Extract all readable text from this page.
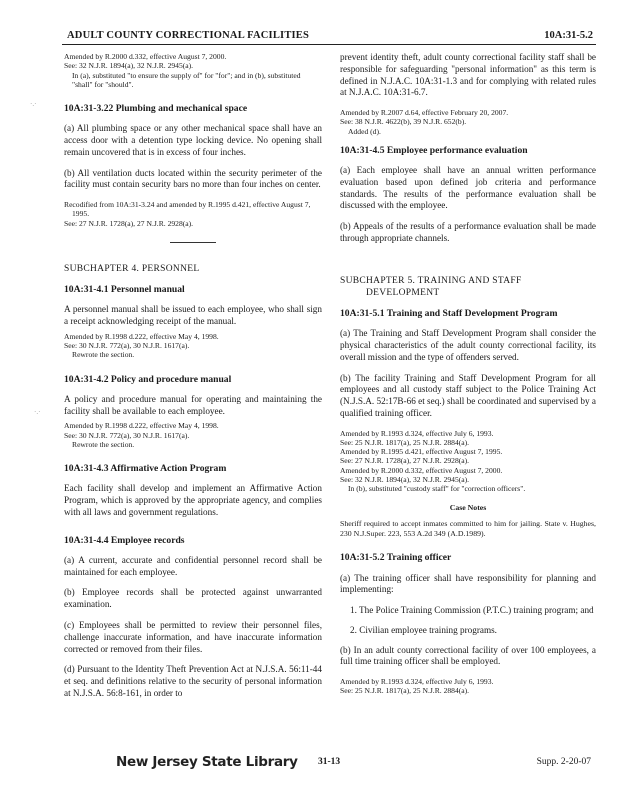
ADULT COUNTY CORRECTIONAL FACILITIES	10A:31-5.2
·.·
·.·
Amended by R.2000 d.332, effective August 7, 2000.
See: 32 N.J.R. 1894(a), 32 N.J.R. 2945(a).
In (a), substituted "to ensure the supply of" for "for"; and in (b), substituted "shall" for "should".
10A:31-3.22 Plumbing and mechanical space

(a) All plumbing space or any other mechanical space shall have an access door with a detention type locking device. No opening shall remain uncovered that is in excess of four inches.

(b) All ventilation ducts located within the security perimeter of the facility must contain security bars no more than four inches on center.

Recodified from 10A:31-3.24 and amended by R.1995 d.421, effective August 7, 1995.
See: 27 N.J.R. 1728(a), 27 N.J.R. 2928(a).
SUBCHAPTER 4. PERSONNEL
10A:31-4.1 Personnel manual

A personnel manual shall be issued to each employee, who shall sign a receipt acknowledging receipt of the manual.

Amended by R.1998 d.222, effective May 4, 1998.
See: 30 N.J.R. 772(a), 30 N.J.R. 1617(a).
Rewrote the section.
10A:31-4.2 Policy and procedure manual

A policy and procedure manual for operating and maintaining the facility shall be available to each employee.

Amended by R.1998 d.222, effective May 4, 1998.
See: 30 N.J.R. 772(a), 30 N.J.R. 1617(a).
Rewrote the section.
10A:31-4.3 Affirmative Action Program

Each facility shall develop and implement an Affirmative Action Program, which is approved by the appropriate agency, and complies with all laws and government regulations.

10A:31-4.4 Employee records

(a) A current, accurate and confidential personnel record shall be maintained for each employee.

(b) Employee records shall be protected against unwarranted examination.

(c) Employees shall be permitted to review their personnel files, challenge inaccurate information, and have inaccurate information corrected or removed from their files.

(d) Pursuant to the Identity Theft Prevention Act at N.J.S.A. 56:11-44 et seq. and definitions relative to the security of personal information at N.J.S.A. 56:8-161, in order to

prevent identity theft, adult county correctional facility staff shall be responsible for safeguarding "personal information" as this term is defined in N.J.A.C. 10A:31-1.3 and for complying with related rules at N.J.A.C. 10A:31-6.7.

Amended by R.2007 d.64, effective February 20, 2007.
See: 38 N.J.R. 4622(b), 39 N.J.R. 652(b).
Added (d).
10A:31-4.5 Employee performance evaluation

(a) Each employee shall have an annual written performance evaluation based upon defined job criteria and performance standards. The results of the performance evaluation shall be discussed with the employee.

(b) Appeals of the results of a performance evaluation shall be made through appropriate channels.

SUBCHAPTER 5. TRAINING AND STAFF
DEVELOPMENT
10A:31-5.1 Training and Staff Development Program

(a) The Training and Staff Development Program shall consider the physical characteristics of the adult county correctional facility, its overall mission and the type of offenders served.

(b) The facility Training and Staff Development Program for all employees and all custody staff subject to the Police Training Act (N.J.S.A. 52:17B-66 et seq.) shall be coordinated and supervised by a qualified training officer.

Amended by R.1993 d.324, effective July 6, 1993.
See: 25 N.J.R. 1817(a), 25 N.J.R. 2884(a).
Amended by R.1995 d.421, effective August 7, 1995.
See: 27 N.J.R. 1728(a), 27 N.J.R. 2928(a).
Amended by R.2000 d.332, effective August 7, 2000.
See: 32 N.J.R. 1894(a), 32 N.J.R. 2945(a).
In (b), substituted "custody staff" for "correction officers".
Case Notes

Sheriff required to accept inmates committed to him for jailing. State v. Hughes, 230 N.J.Super. 223, 553 A.2d 349 (A.D.1989).

10A:31-5.2 Training officer

(a) The training officer shall have responsibility for planning and implementing:

1. The Police Training Commission (P.T.C.) training program; and

2. Civilian employee training programs.

(b) In an adult county correctional facility of over 100 employees, a full time training officer shall be employed.

Amended by R.1993 d.324, effective July 6, 1993.
See: 25 N.J.R. 1817(a), 25 N.J.R. 2884(a).
New Jersey State Library 31-13	Supp. 2-20-07
